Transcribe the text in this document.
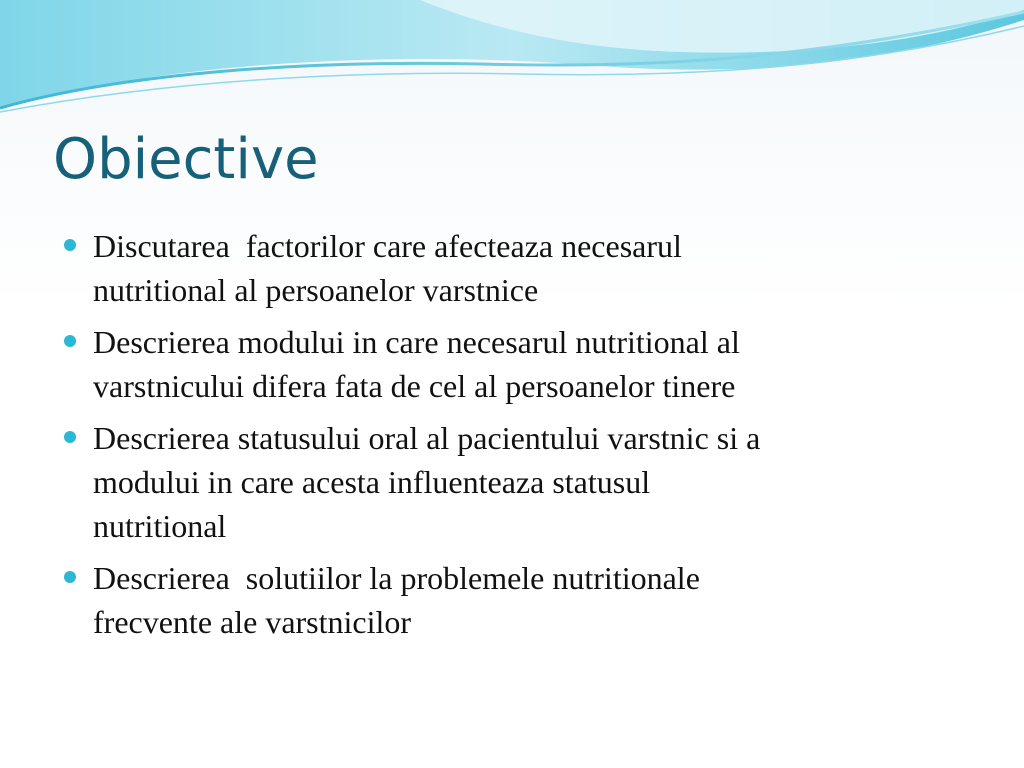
Obiective
Discutarea  factorilor care afecteaza necesarul
nutritional al persoanelor varstnice
Descrierea modului in care necesarul nutritional al
varstnicului difera fata de cel al persoanelor tinere
Descrierea statusului oral al pacientului varstnic si a
modului in care acesta influenteaza statusul
nutritional
Descrierea  solutiilor la problemele nutritionale
frecvente ale varstnicilor
